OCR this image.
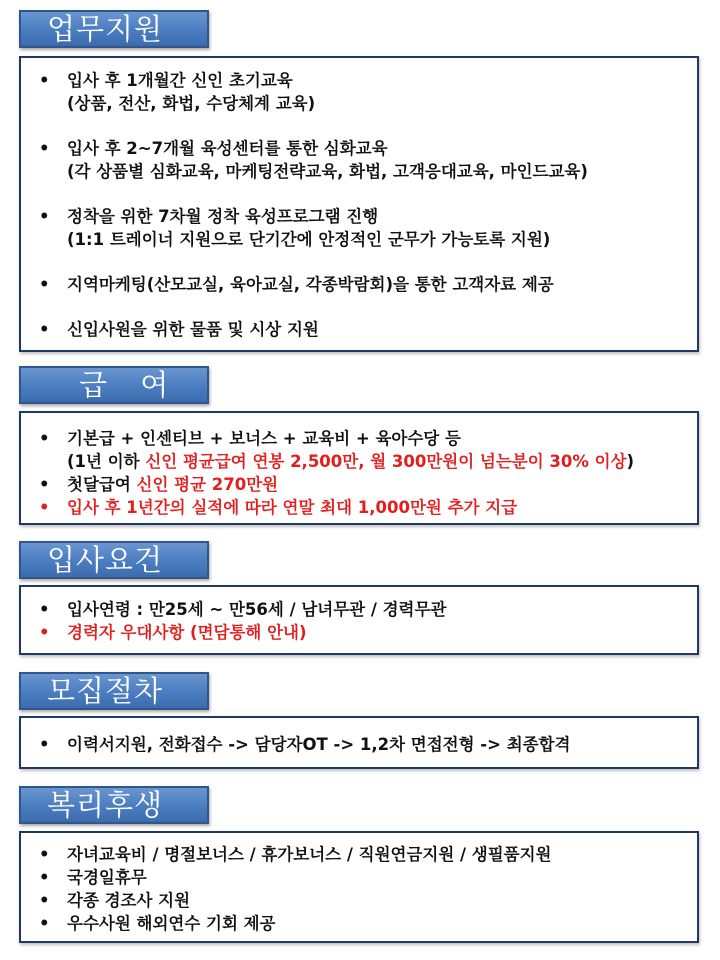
업무지원
• 입사 후 1개월간 신인 초기교육
(상품, 전산, 화법, 수당체계 교육)
• 입사 후 2~7개월 육성센터를 통한 심화교육
(각 상품별 심화교육, 마케팅전략교육, 화법, 고객응대교육, 마인드교육)
• 정착을 위한 7차월 정착 육성프로그램 진행
(1:1 트레이너 지원으로 단기간에 안정적인 군무가 가능토록 지원)
• 지역마케팅(산모교실, 육아교실, 각종박람회)을 통한 고객자료 제공
• 신입사원을 위한 물품 및 시상 지원
급 여
• 기본급 + 인센티브 + 보너스 + 교육비 + 육아수당 등
(1년 이하 신인 평균급여 연봉 2,500만, 월 300만원이 넘는분이 30% 이상)
• 첫달급여 신인 평균 270만원
• 입사 후 1년간의 실적에 따라 연말 최대 1,000만원 추가 지급
입사요건
• 입사연령 : 만25세 ~ 만56세 / 남녀무관 / 경력무관
• 경력자 우대사항 (면담통해 안내)
모집절차
• 이력서지원, 전화접수 -> 담당자OT -> 1,2차 면접전형 -> 최종합격
복리후생
• 자녀교육비 / 명절보너스 / 휴가보너스 / 직원연금지원 / 생필품지원
• 국경일휴무
• 각종 경조사 지원
• 우수사원 해외연수 기회 제공
